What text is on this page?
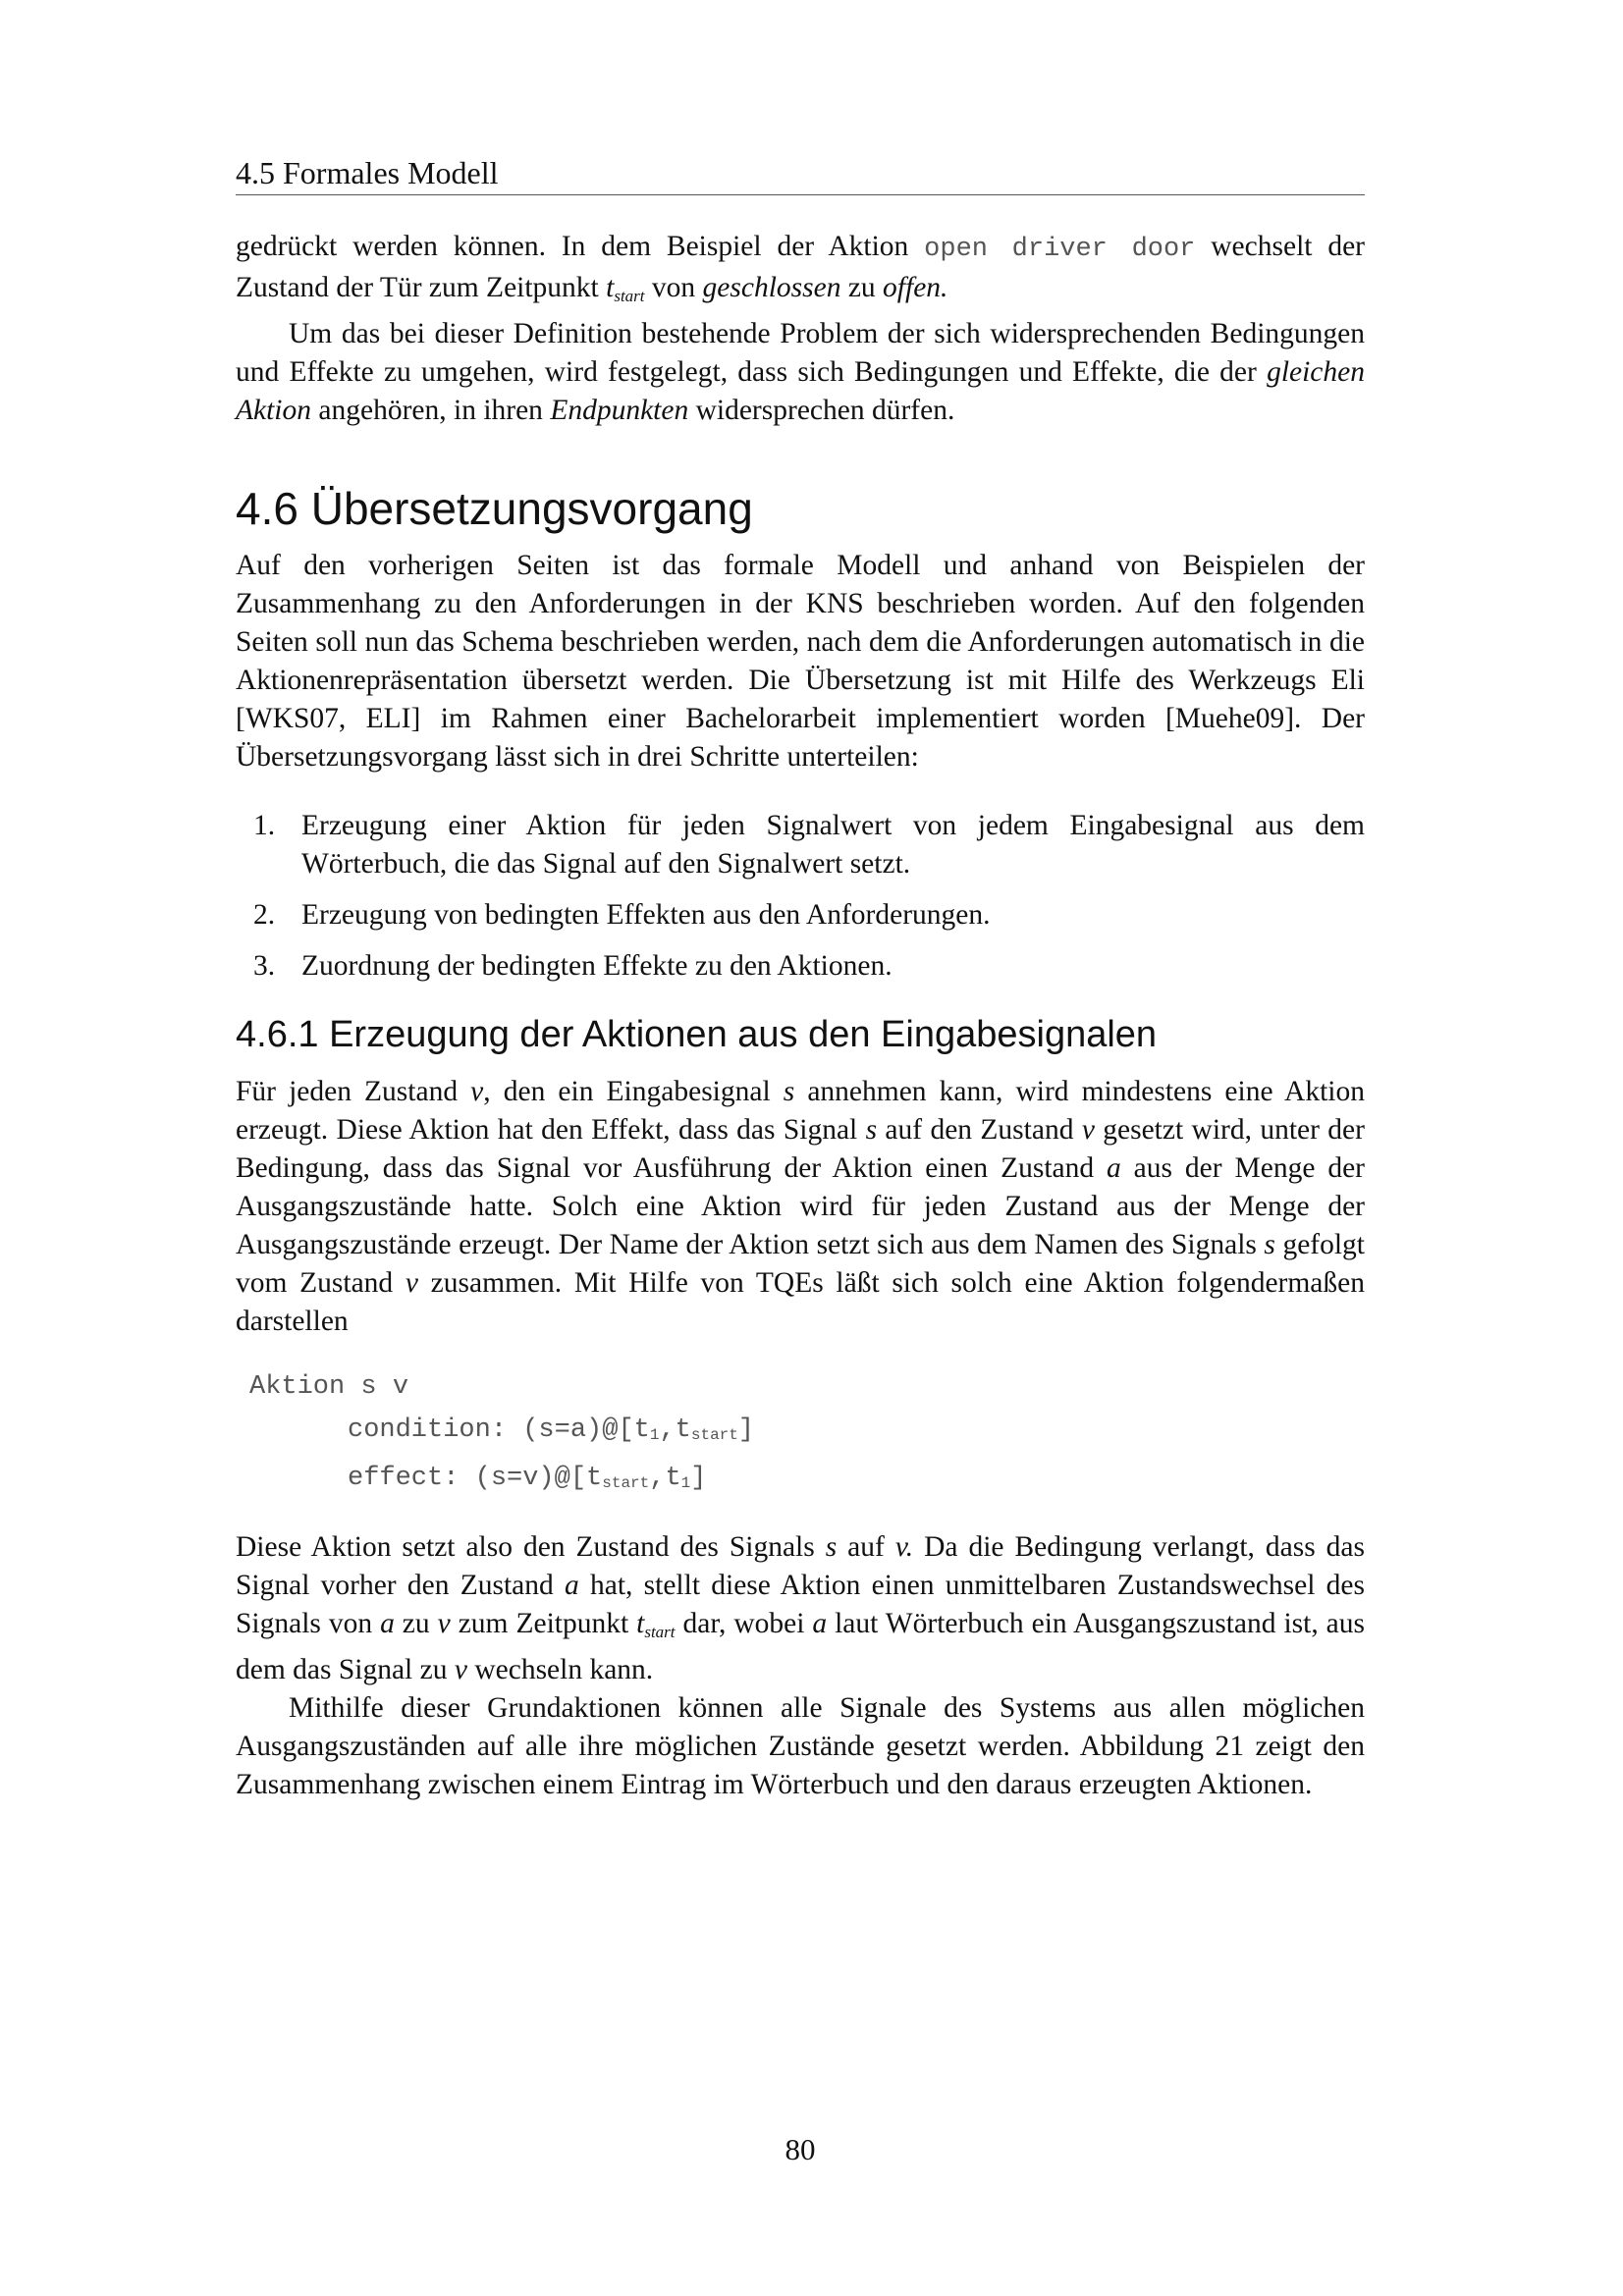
4.5 Formales Modell

gedrückt werden können. In dem Beispiel der Aktion open driver door wechselt der Zustand der Tür zum Zeitpunkt $t_{start}$ von geschlossen zu offen.

Um das bei dieser Definition bestehende Problem der sich widersprechenden Bedingungen und Effekte zu umgehen, wird festgelegt, dass sich Bedingungen und Effekte, die der gleichen Aktion angehören, in ihren Endpunkten widersprechen dürfen.

4.6 Übersetzungsvorgang

Auf den vorherigen Seiten ist das formale Modell und anhand von Beispielen der Zusammenhang zu den Anforderungen in der KNS beschrieben worden. Auf den folgenden Seiten soll nun das Schema beschrieben werden, nach dem die Anforderungen automatisch in die Aktionenrepräsentation übersetzt werden. Die Übersetzung ist mit Hilfe des Werkzeugs Eli [WKS07, ELI] im Rahmen einer Bachelorarbeit implementiert worden [Muehe09]. Der Übersetzungsvorgang lässt sich in drei Schritte unterteilen:

1. Erzeugung einer Aktion für jeden Signalwert von jedem Eingabesignal aus dem Wörterbuch, die das Signal auf den Signalwert setzt.
2. Erzeugung von bedingten Effekten aus den Anforderungen.
3. Zuordnung der bedingten Effekte zu den Aktionen.
4.6.1 Erzeugung der Aktionen aus den Eingabesignalen

Für jeden Zustand v, den ein Eingabesignal s annehmen kann, wird mindestens eine Aktion erzeugt. Diese Aktion hat den Effekt, dass das Signal s auf den Zustand v gesetzt wird, unter der Bedingung, dass das Signal vor Ausführung der Aktion einen Zustand a aus der Menge der Ausgangszustände hatte. Solch eine Aktion wird für jeden Zustand aus der Menge der Ausgangszustände erzeugt. Der Name der Aktion setzt sich aus dem Namen des Signals s gefolgt vom Zustand v zusammen. Mit Hilfe von TQEs läßt sich solch eine Aktion folgendermaßen darstellen

Aktion s v
condition: (s=a)@[t1,tstart]
effect: (s=v)@[tstart,t1]

Diese Aktion setzt also den Zustand des Signals s auf v. Da die Bedingung verlangt, dass das Signal vorher den Zustand a hat, stellt diese Aktion einen unmittelbaren Zustandswechsel des Signals von a zu v zum Zeitpunkt $t_{start}$ dar, wobei a laut Wörterbuch ein Ausgangszustand ist, aus dem das Signal zu v wechseln kann.

Mithilfe dieser Grundaktionen können alle Signale des Systems aus allen möglichen Ausgangszuständen auf alle ihre möglichen Zustände gesetzt werden. Abbildung 21 zeigt den Zusammenhang zwischen einem Eintrag im Wörterbuch und den daraus erzeugten Aktionen.

80
